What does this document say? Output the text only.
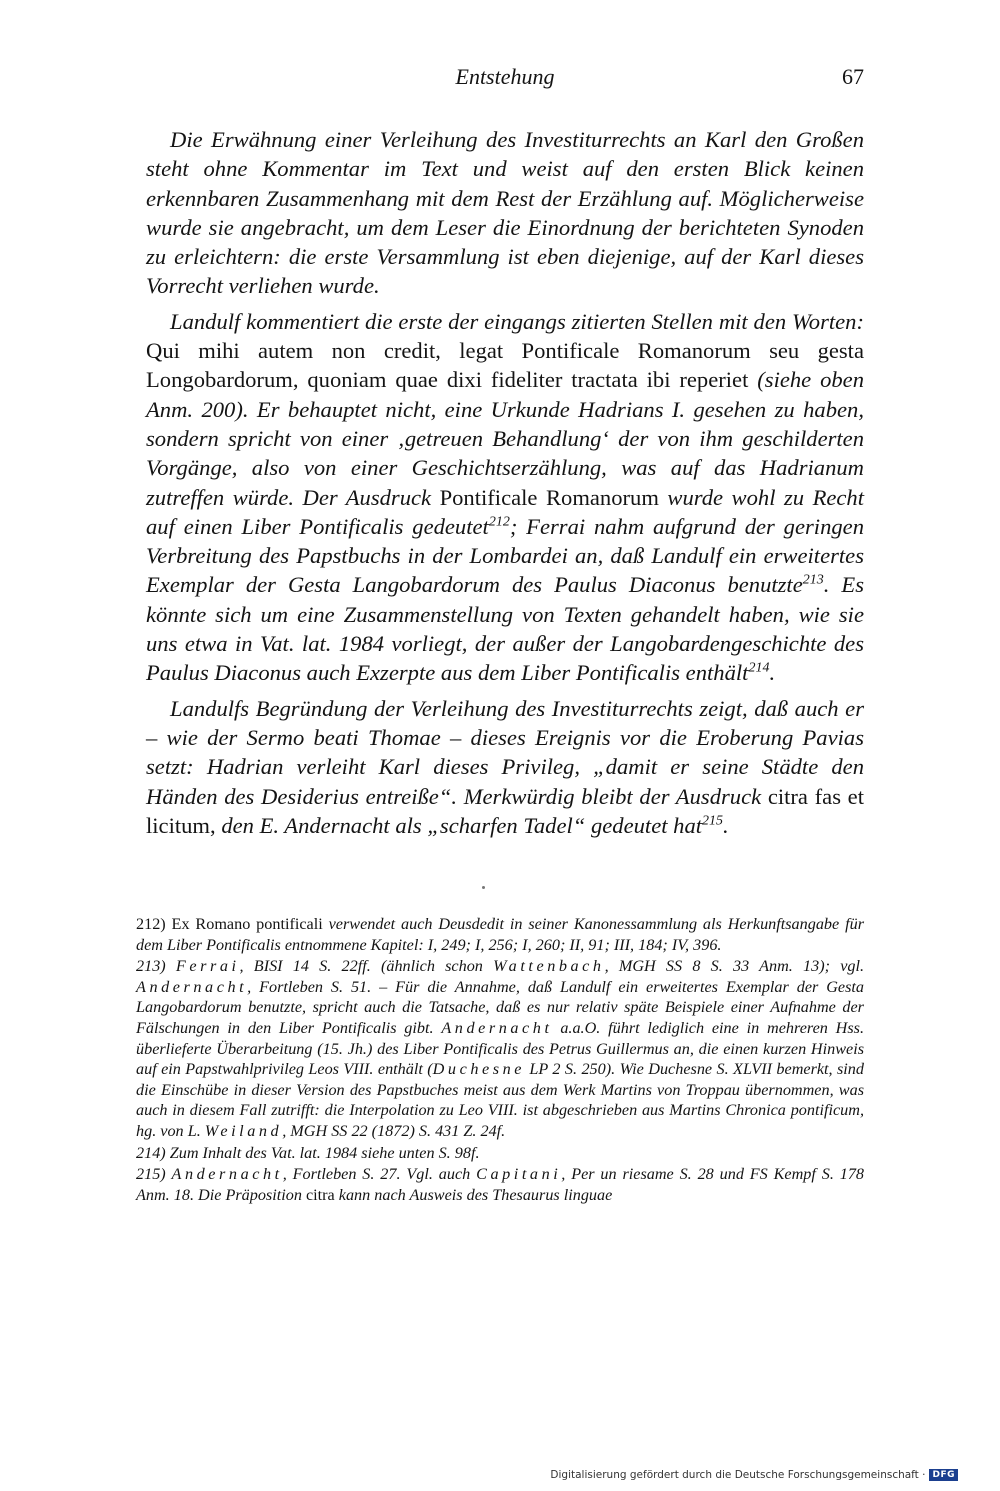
Entstehung	67

Die Erwähnung einer Verleihung des Investiturrechts an Karl den Großen steht ohne Kommentar im Text und weist auf den ersten Blick keinen erkennbaren Zusammenhang mit dem Rest der Erzählung auf. Möglicherweise wurde sie angebracht, um dem Leser die Einordnung der berichteten Synoden zu erleichtern: die erste Versammlung ist eben diejenige, auf der Karl dieses Vorrecht verliehen wurde.

Landulf kommentiert die erste der eingangs zitierten Stellen mit den Worten: Qui mihi autem non credit, legat Pontificale Romanorum seu gesta Longobardorum, quoniam quae dixi fideliter tractata ibi reperiet (siehe oben Anm. 200). Er behauptet nicht, eine Urkunde Hadrians I. gesehen zu haben, sondern spricht von einer ‚getreuen Behandlung‘ der von ihm geschilderten Vorgänge, also von einer Geschichtserzählung, was auf das Hadrianum zutreffen würde. Der Ausdruck Pontificale Romanorum wurde wohl zu Recht auf einen Liber Pontificalis gedeutet$^{212}$; Ferrai nahm aufgrund der geringen Verbreitung des Papstbuchs in der Lombardei an, daß Landulf ein erweitertes Exemplar der Gesta Langobardorum des Paulus Diaconus benutzte$^{213}$. Es könnte sich um eine Zusammenstellung von Texten gehandelt haben, wie sie uns etwa in Vat. lat. 1984 vorliegt, der außer der Langobardengeschichte des Paulus Diaconus auch Exzerpte aus dem Liber Pontificalis enthält$^{214}$.

Landulfs Begründung der Verleihung des Investiturrechts zeigt, daß auch er – wie der Sermo beati Thomae – dieses Ereignis vor die Eroberung Pavias setzt: Hadrian verleiht Karl dieses Privileg, „damit er seine Städte den Händen des Desiderius entreiße“. Merkwürdig bleibt der Ausdruck citra fas et licitum, den E. Andernacht als „scharfen Tadel“ gedeutet hat$^{215}$.

212) Ex Romano pontificali verwendet auch Deusdedit in seiner Kanonessammlung als Herkunftsangabe für dem Liber Pontificalis entnommene Kapitel: I, 249; I, 256; I, 260; II, 91; III, 184; IV, 396.
213) Ferrai, BISI 14 S. 22ff. (ähnlich schon Wattenbach, MGH SS 8 S. 33 Anm. 13); vgl. Andernacht, Fortleben S. 51. – Für die Annahme, daß Landulf ein erweitertes Exemplar der Gesta Langobardorum benutzte, spricht auch die Tatsache, daß es nur relativ späte Beispiele einer Aufnahme der Fälschungen in den Liber Pontificalis gibt. Andernacht a.a.O. führt lediglich eine in mehreren Hss. überlieferte Überarbeitung (15. Jh.) des Liber Pontificalis des Petrus Guillermus an, die einen kurzen Hinweis auf ein Papstwahlprivileg Leos VIII. enthält (Duchesne LP 2 S. 250). Wie Duchesne S. XLVII bemerkt, sind die Einschübe in dieser Version des Papstbuches meist aus dem Werk Martins von Troppau übernommen, was auch in diesem Fall zutrifft: die Interpolation zu Leo VIII. ist abgeschrieben aus Martins Chronica pontificum, hg. von L. Weiland, MGH SS 22 (1872) S. 431 Z. 24f.
214) Zum Inhalt des Vat. lat. 1984 siehe unten S. 98f.
215) Andernacht, Fortleben S. 27. Vgl. auch Capitani, Per un riesame S. 28 und FS Kempf S. 178 Anm. 18. Die Präposition citra kann nach Ausweis des Thesaurus linguae
Digitalisierung gefördert durch die Deutsche Forschungsgemeinschaft · DFG
